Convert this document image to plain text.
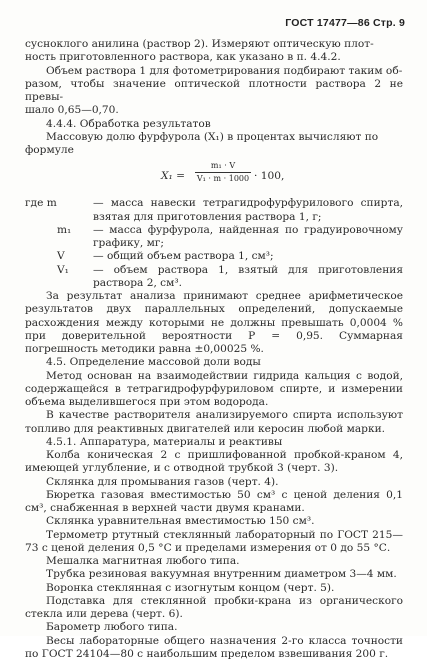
ГОСТ 17477—86 Стр. 9
сусноклого анилина (раствор 2). Измеряют оптическую плот-
ность приготовленного раствора, как указано в п. 4.4.2.
Объем раствора 1 для фотометрирования подбирают таким об-
разом, чтобы значение оптической плотности раствора 2 не превы-
шало 0,65—0,70.
4.4.4. Обработка результатов
Массовую долю фурфурола (X₁) в процентах вычисляют по
формуле
$X_1 = \frac{\text{m₁ · V}}{\text{V₁ · m · 1000}} \cdot 100$,
где m	— масса навески тетрагидрофурфурилового спирта, взятая для приготовления раствора 1, г;
m₁ — масса фурфурола, найденная по градуировочному графику, мг;
V	— общий объем раствора 1, см³;
V₁ — объем раствора 1, взятый для приготовления раствора 2, см³.
За результат анализа принимают среднее арифметическое результатов двух параллельных определений, допускаемые расхождения между которыми не должны превышать 0,0004 % при доверительной вероятности P = 0,95. Суммарная погрешность методики равна ±0,00025 %.
4.5. Определение массовой доли воды
Метод основан на взаимодействии гидрида кальция с водой, содержащейся в тетрагидрофурфуриловом спирте, и измерении объема выделившегося при этом водорода.
В качестве растворителя анализируемого спирта используют топливо для реактивных двигателей или керосин любой марки.
4.5.1. Аппаратура, материалы и реактивы
Колба коническая 2 с пришлифованной пробкой-краном 4, имеющей углубление, и с отводной трубкой 3 (черт. 3).
Склянка для промывания газов (черт. 4).
Бюретка газовая вместимостью 50 см³ с ценой деления 0,1 см³, снабженная в верхней части двумя кранами.
Склянка уравнительная вместимостью 150 см³.
Термометр ртутный стеклянный лабораторный по ГОСТ 215—73 с ценой деления 0,5 °С и пределами измерения от 0 до 55 °С.
Мешалка магнитная любого типа.
Трубка резиновая вакуумная внутренним диаметром 3—4 мм.
Воронка стеклянная с изогнутым концом (черт. 5).
Подставка для стеклянной пробки-крана из органического стекла или дерева (черт. 6).
Барометр любого типа.
Весы лабораторные общего назначения 2-го класса точности по ГОСТ 24104—80 с наибольшим пределом взвешивания 200 г.
